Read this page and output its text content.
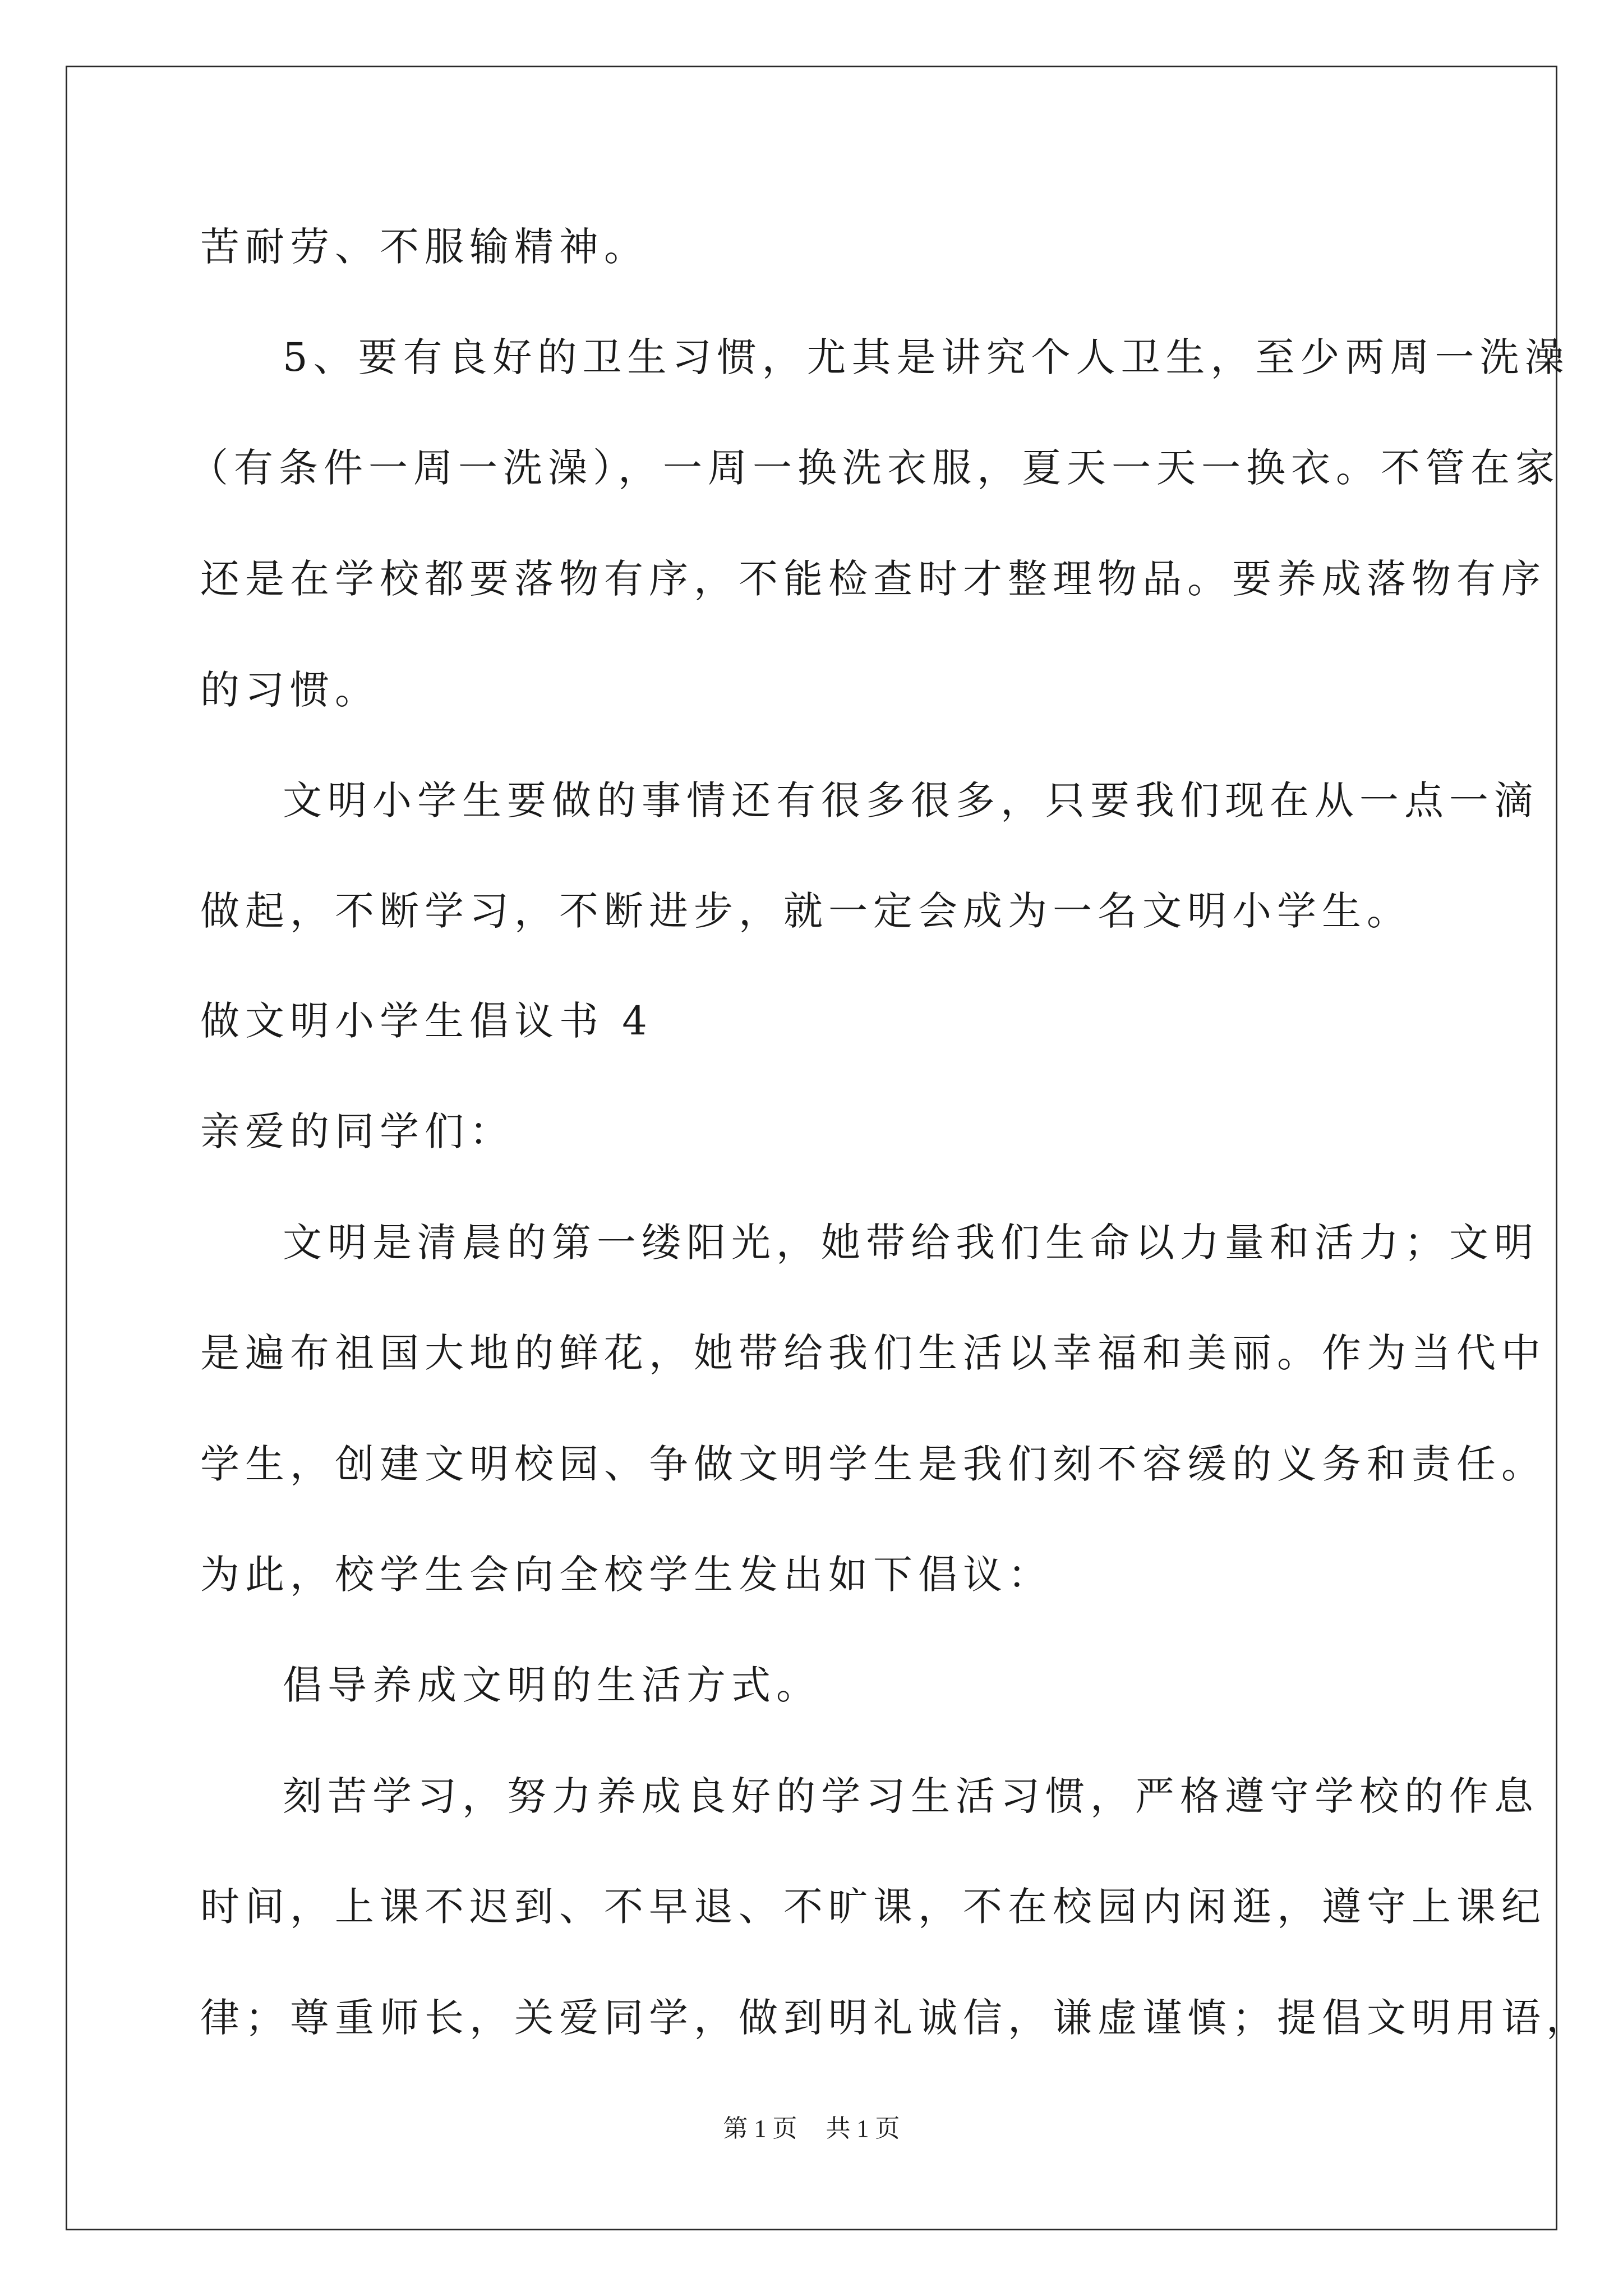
苦耐劳、不服输精神。
5、要有良好的卫生习惯，尤其是讲究个人卫生，至少两周一洗澡
（有条件一周一洗澡），一周一换洗衣服，夏天一天一换衣。不管在家
还是在学校都要落物有序，不能检查时才整理物品。要养成落物有序
的习惯。
文明小学生要做的事情还有很多很多，只要我们现在从一点一滴
做起，不断学习，不断进步，就一定会成为一名文明小学生。
做文明小学生倡议书 4
亲爱的同学们：
文明是清晨的第一缕阳光，她带给我们生命以力量和活力；文明
是遍布祖国大地的鲜花，她带给我们生活以幸福和美丽。作为当代中
学生，创建文明校园、争做文明学生是我们刻不容缓的义务和责任。
为此，校学生会向全校学生发出如下倡议：
倡导养成文明的生活方式。
刻苦学习，努力养成良好的学习生活习惯，严格遵守学校的作息
时间，上课不迟到、不早退、不旷课，不在校园内闲逛，遵守上课纪
律；尊重师长，关爱同学，做到明礼诚信，谦虚谨慎；提倡文明用语，
第 1 页 共 1 页
